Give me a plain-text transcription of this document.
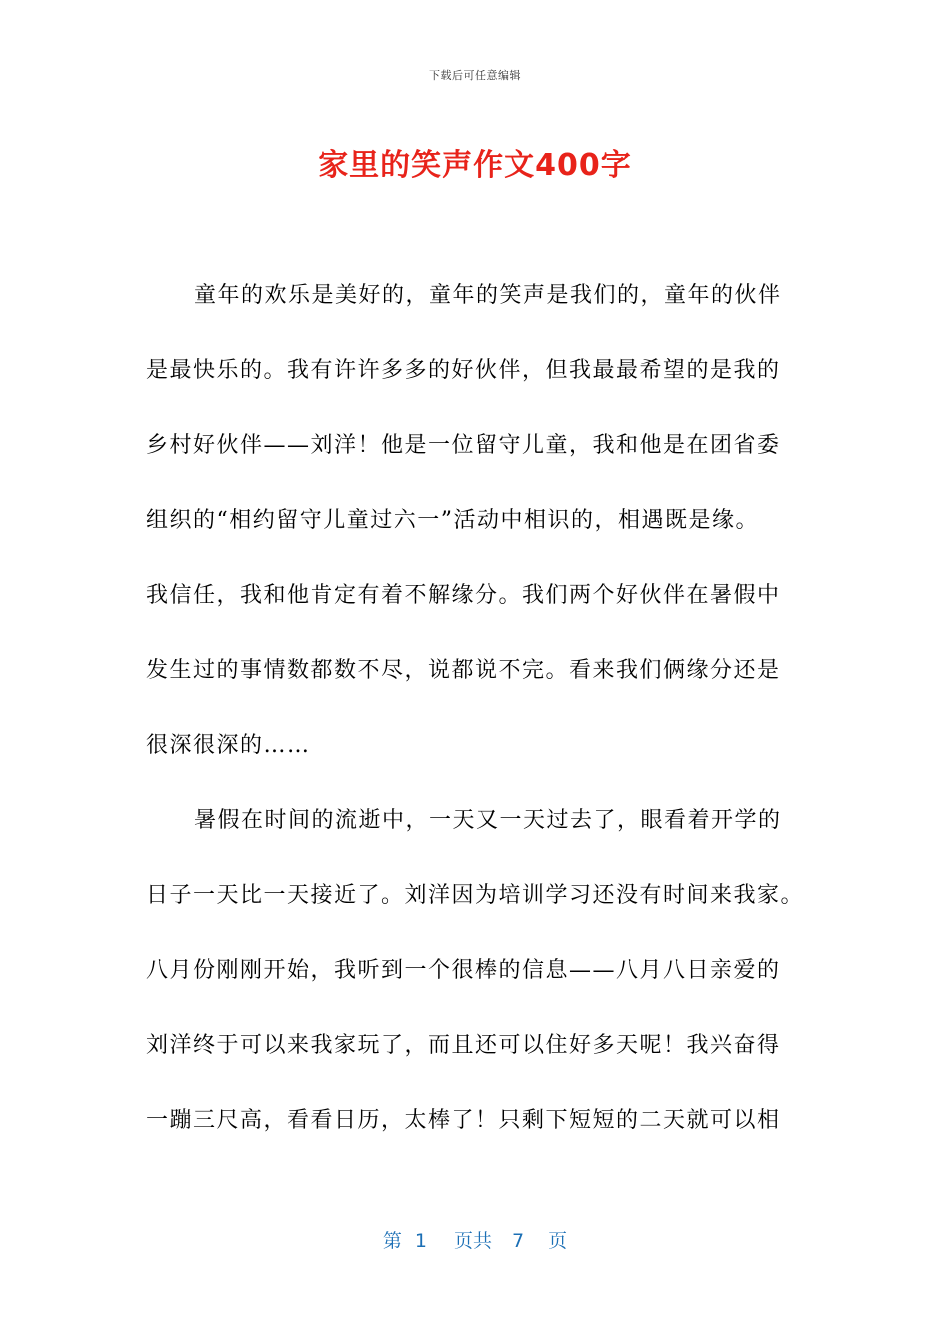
下载后可任意编辑
家里的笑声作文400字
童年的欢乐是美好的，童年的笑声是我们的，童年的伙伴
是最快乐的。我有许许多多的好伙伴，但我最最希望的是我的
乡村好伙伴——刘洋！他是一位留守儿童，我和他是在团省委
组织的“相约留守儿童过六一”活动中相识的，相遇既是缘。
我信任，我和他肯定有着不解缘分。我们两个好伙伴在暑假中
发生过的事情数都数不尽，说都说不完。看来我们俩缘分还是
很深很深的……
暑假在时间的流逝中，一天又一天过去了，眼看着开学的
日子一天比一天接近了。刘洋因为培训学习还没有时间来我家。
八月份刚刚开始，我听到一个很棒的信息——八月八日亲爱的
刘洋终于可以来我家玩了，而且还可以住好多天呢！我兴奋得
一蹦三尺高，看看日历，太棒了！只剩下短短的二天就可以相
第 1 页共 7 页
